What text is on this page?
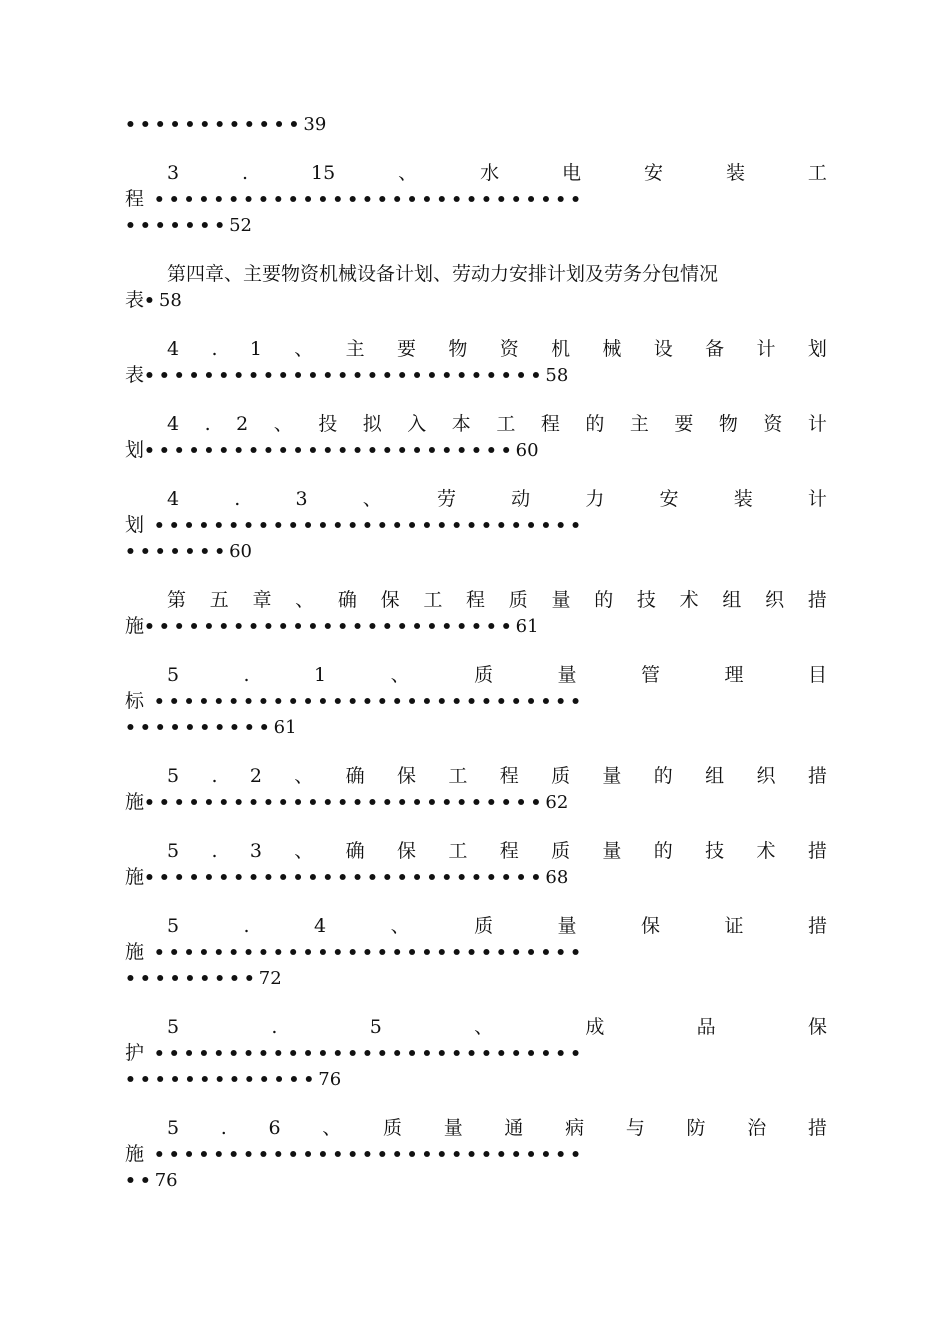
••••••••••••39
3	.	15	、	水	电	安	装	工
程 •••••••••••••••••••••••••••••
•••••••52
第四章、主要物资机械设备计划、劳动力安排计划及劳务分包情况
表•58
4 . 1 、 主 要 物 资 机 械 设 备 计 划
表•••••••••••••••••••••••••••58
4 . 2 、 投 拟 入 本 工 程 的 主 要 物 资 计
划•••••••••••••••••••••••••60
4	.	3	、	劳	动	力	安	装	计
划 •••••••••••••••••••••••••••••
•••••••60
第 五 章 、 确 保 工 程 质 量 的 技 术 组 织 措
施•••••••••••••••••••••••••61
5	.	1	、	质	量	管	理	目
标 •••••••••••••••••••••••••••••
••••••••••61
5 . 2 、 确 保 工 程 质 量 的 组 织 措
施•••••••••••••••••••••••••••62
5 . 3 、 确 保 工 程 质 量 的 技 术 措
施•••••••••••••••••••••••••••68
5	.	4	、	质	量	保	证	措
施 •••••••••••••••••••••••••••••
•••••••••72
5	.	5	、	成	品	保
护 •••••••••••••••••••••••••••••
•••••••••••••76
5 . 6 、 质 量 通 病 与 防 治 措
施 •••••••••••••••••••••••••••••
••76
